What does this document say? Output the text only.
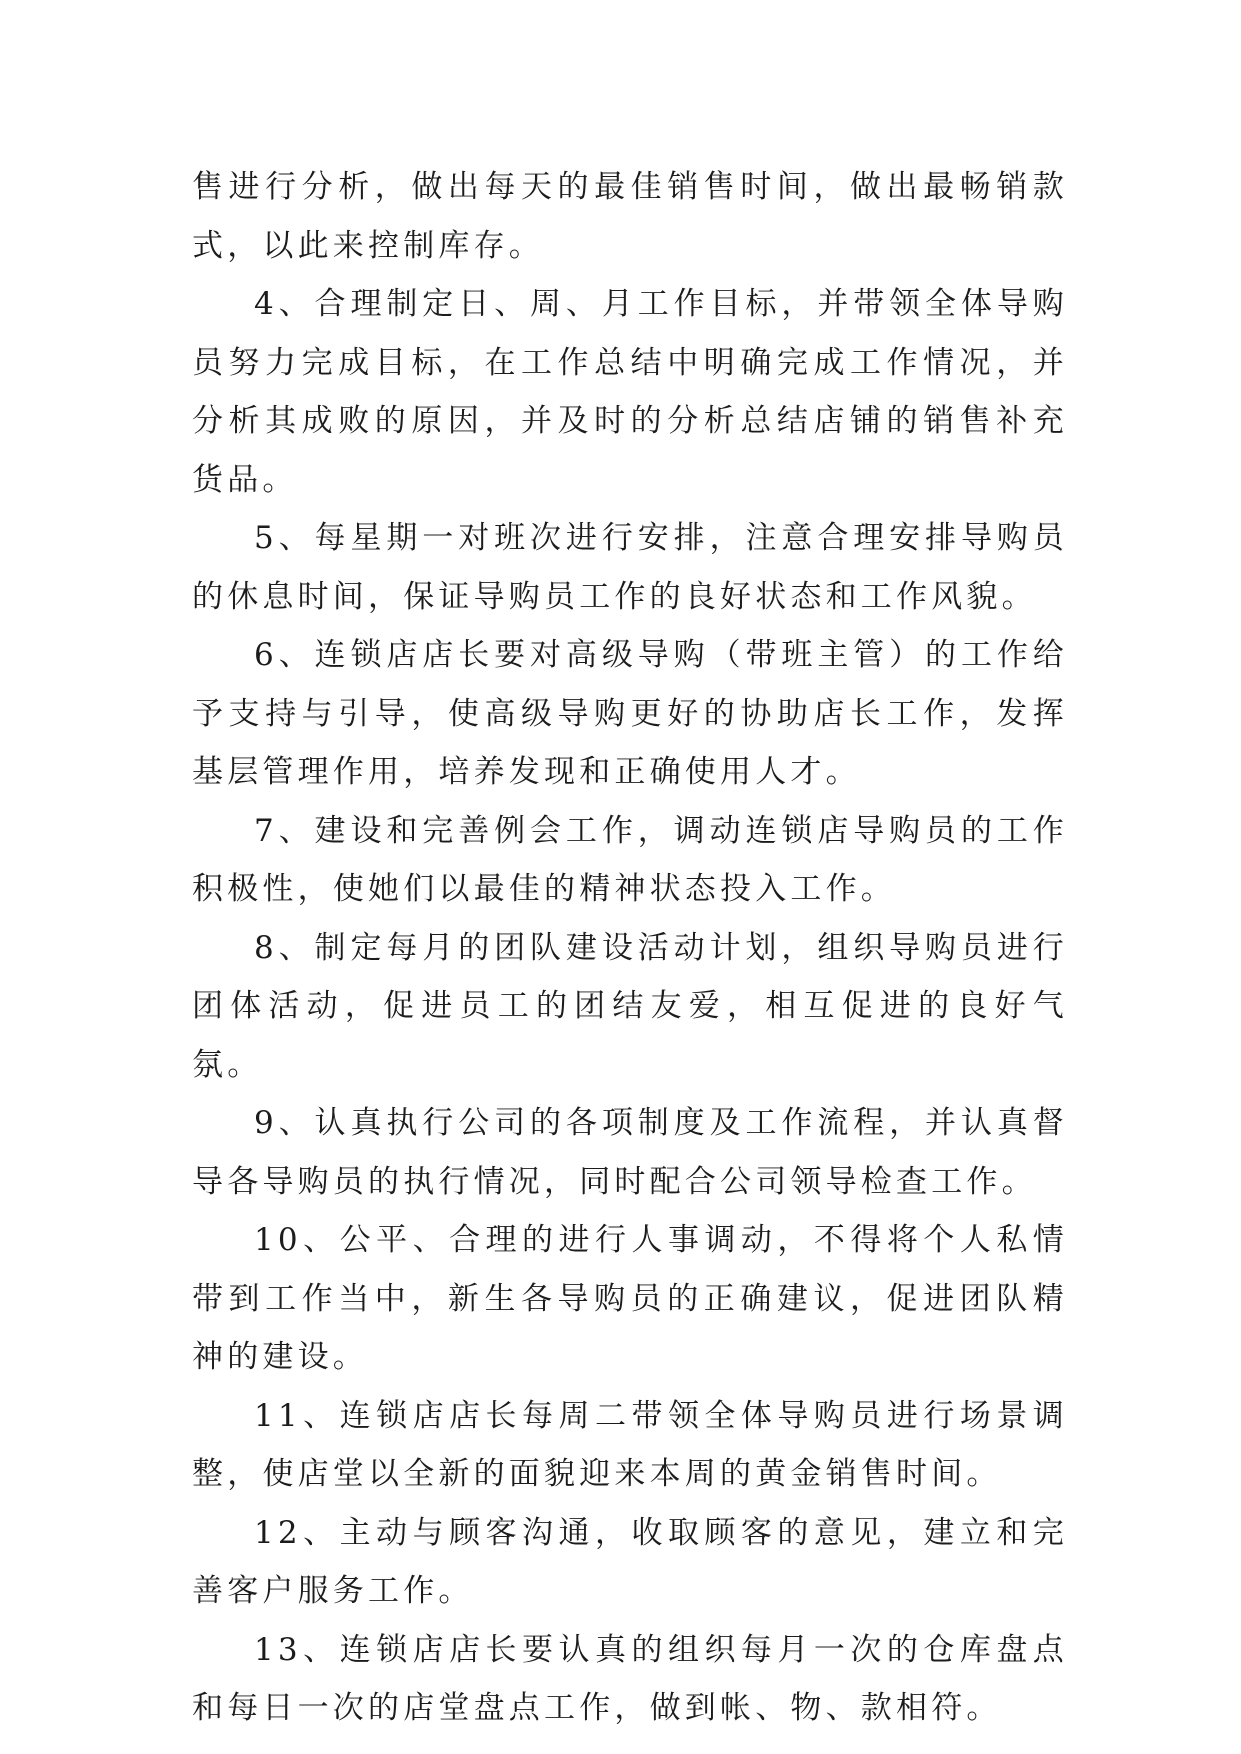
售进行分析，做出每天的最佳销售时间，做出最畅销款式，以此来控制库存。

4、合理制定日、周、月工作目标，并带领全体导购员努力完成目标，在工作总结中明确完成工作情况，并分析其成败的原因，并及时的分析总结店铺的销售补充货品。

5、每星期一对班次进行安排，注意合理安排导购员的休息时间，保证导购员工作的良好状态和工作风貌。

6、连锁店店长要对高级导购（带班主管）的工作给予支持与引导，使高级导购更好的协助店长工作，发挥基层管理作用，培养发现和正确使用人才。

7、建设和完善例会工作，调动连锁店导购员的工作积极性，使她们以最佳的精神状态投入工作。

8、制定每月的团队建设活动计划，组织导购员进行团体活动，促进员工的团结友爱，相互促进的良好气氛。

9、认真执行公司的各项制度及工作流程，并认真督导各导购员的执行情况，同时配合公司领导检查工作。

10、公平、合理的进行人事调动，不得将个人私情带到工作当中，新生各导购员的正确建议，促进团队精神的建设。

11、连锁店店长每周二带领全体导购员进行场景调整，使店堂以全新的面貌迎来本周的黄金销售时间。

12、主动与顾客沟通，收取顾客的意见，建立和完善客户服务工作。

13、连锁店店长要认真的组织每月一次的仓库盘点和每日一次的店堂盘点工作，做到帐、物、款相符。
